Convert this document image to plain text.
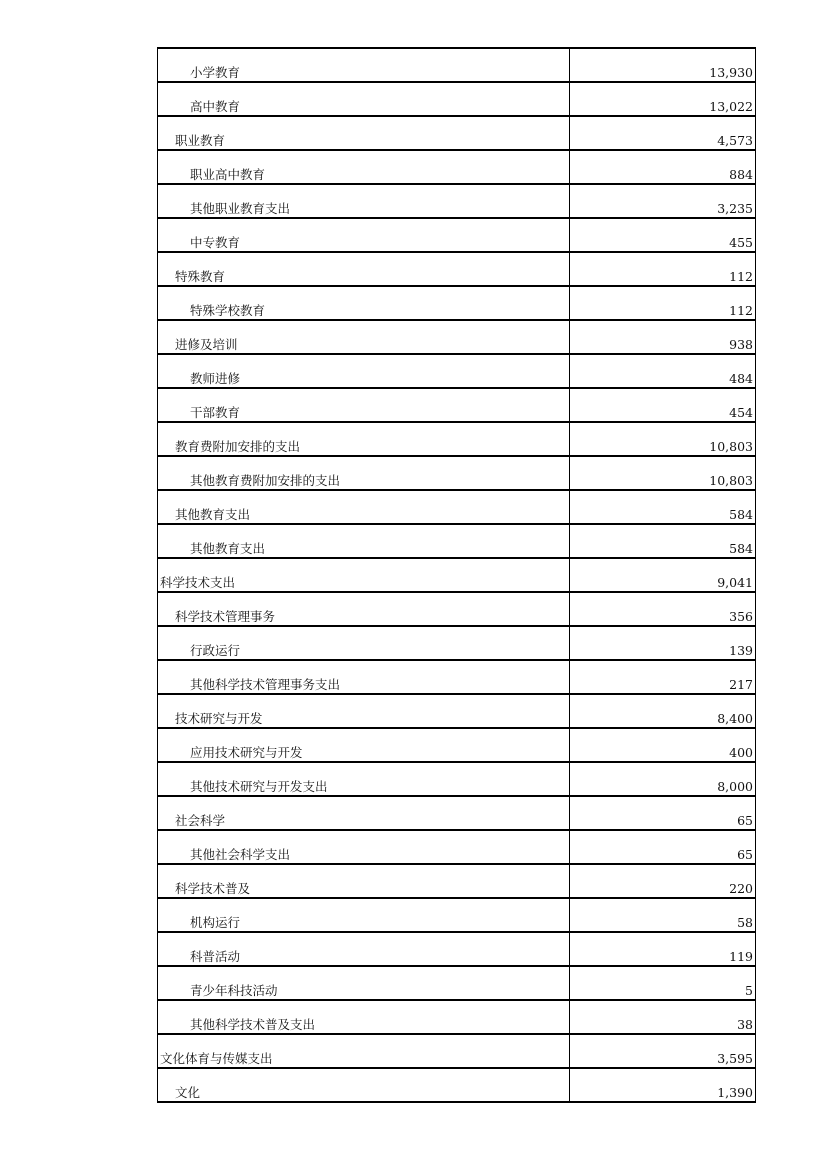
小学教育	13,930
高中教育	13,022
职业教育	4,573
职业高中教育	884
其他职业教育支出	3,235
中专教育	455
特殊教育	112
特殊学校教育	112
进修及培训	938
教师进修	484
干部教育	454
教育费附加安排的支出	10,803
其他教育费附加安排的支出	10,803
其他教育支出	584
其他教育支出	584
科学技术支出	9,041
科学技术管理事务	356
行政运行	139
其他科学技术管理事务支出	217
技术研究与开发	8,400
应用技术研究与开发	400
其他技术研究与开发支出	8,000
社会科学	65
其他社会科学支出	65
科学技术普及	220
机构运行	58
科普活动	119
青少年科技活动	5
其他科学技术普及支出	38
文化体育与传媒支出	3,595
文化	1,390
